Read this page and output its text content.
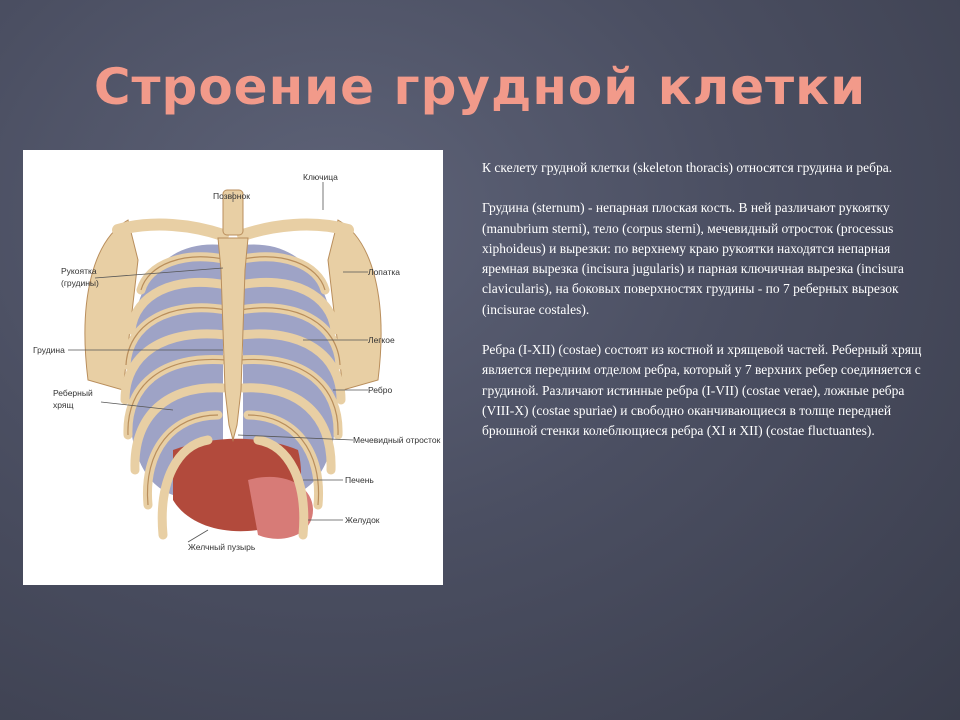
Строение грудной клетки
Позвонок
Ключица
Рукоятка
(грудины)
Лопатка
Легкое
Грудина
Ребро
Реберный
хрящ
Мечевидный отросток
Печень
Желудок
Желчный пузырь

К скелету грудной клетки (skeleton thoracis) относятся грудина и ребра.

Грудина (sternum) - непарная плоская кость. В ней различают рукоятку (manubrium sterni), тело (corpus sterni), мечевидный отросток (processus xiphoideus) и вырезки: по верхнему краю рукоятки находятся непарная яремная вырезка (incisura jugularis) и парная ключичная вырезка (incisura clavicularis), на боковых поверхностях грудины - по 7 реберных вырезок (incisurae costales).

Ребра (I-XII) (costae) состоят из костной и хрящевой частей. Реберный хрящ является передним отделом ребра, который у 7 верхних ребер соединяется с грудиной. Различают истинные ребра (I-VII) (costae verae), ложные ребра (VIII-X) (costae spuriae) и свободно оканчивающиеся в толще передней брюшной стенки колеблющиеся ребра (XI и XII) (costae fluctuantes).
